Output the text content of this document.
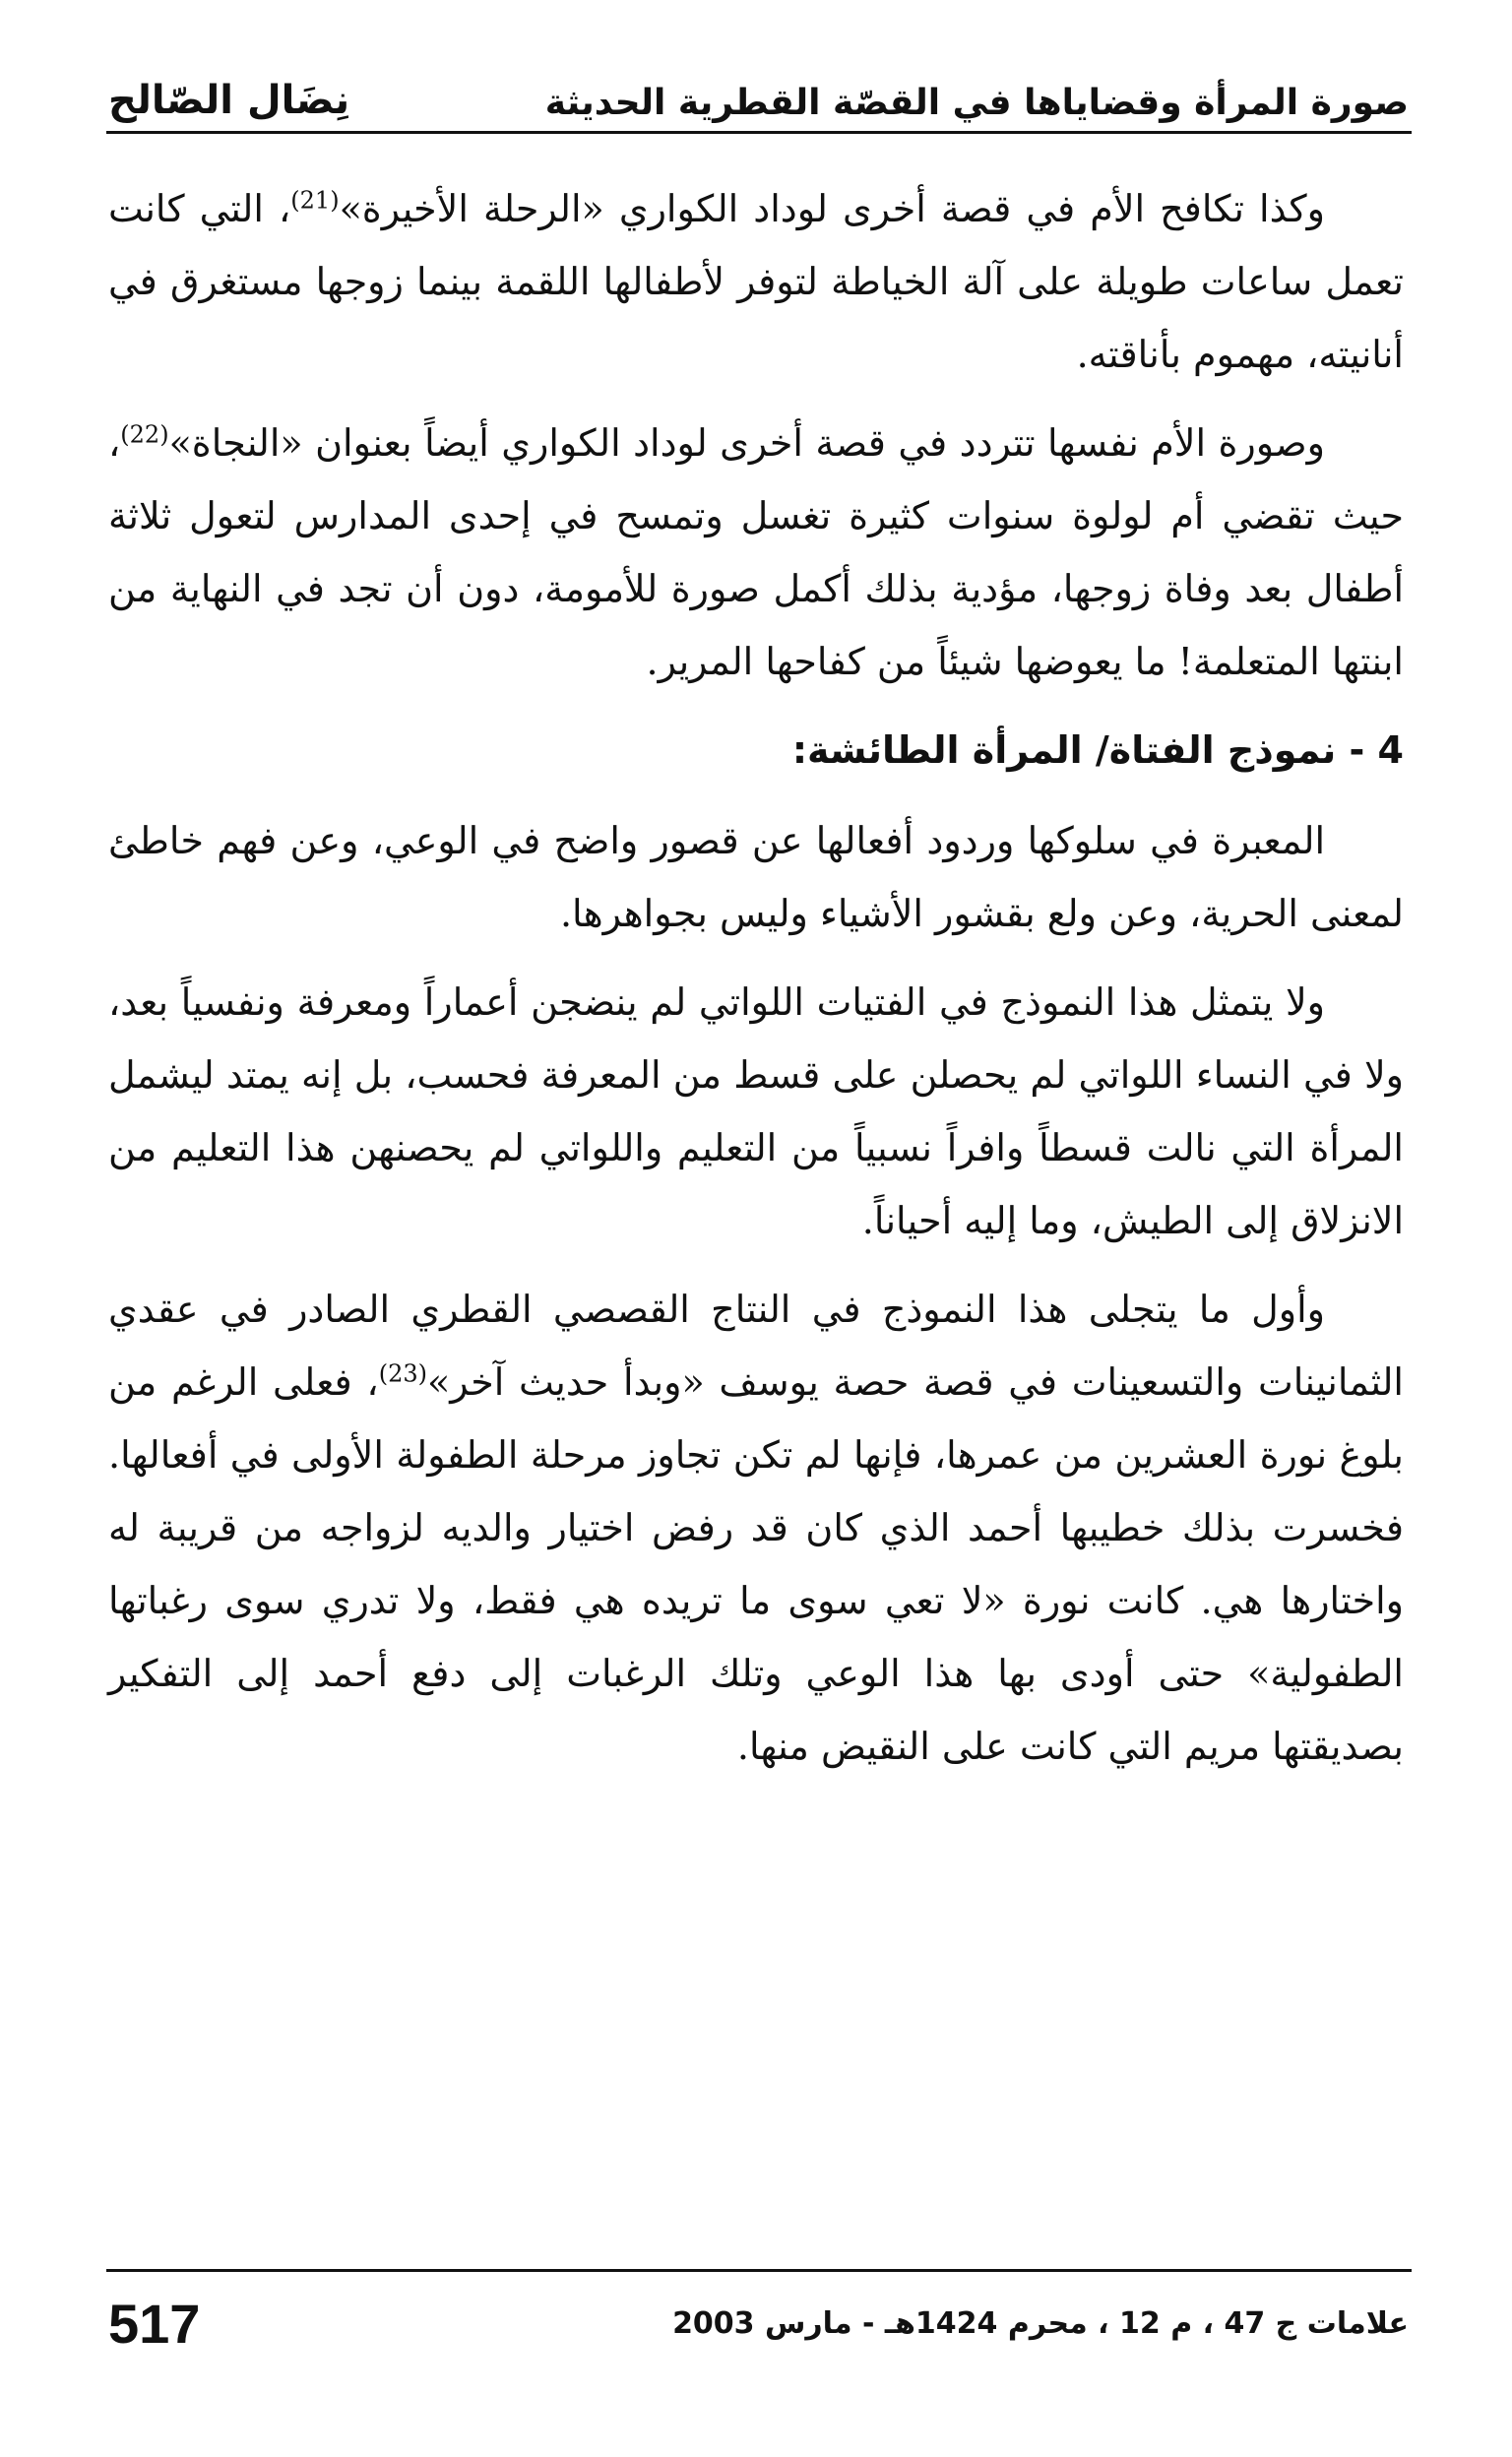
صورة المرأة وقضاياها في القصّة القطرية الحديثة
نِضَال الصّالح

وكذا تكافح الأم في قصة أخرى لوداد الكواري «الرحلة الأخيرة»$^{(21)}$، التي كانت تعمل ساعات طويلة على آلة الخياطة لتوفر لأطفالها اللقمة بينما زوجها مستغرق في أنانيته، مهموم بأناقته.

وصورة الأم نفسها تتردد في قصة أخرى لوداد الكواري أيضاً بعنوان «النجاة»$^{(22)}$، حيث تقضي أم لولوة سنوات كثيرة تغسل وتمسح في إحدى المدارس لتعول ثلاثة أطفال بعد وفاة زوجها، مؤدية بذلك أكمل صورة للأمومة، دون أن تجد في النهاية من ابنتها المتعلمة! ما يعوضها شيئاً من كفاحها المرير.

4 - نموذج الفتاة/ المرأة الطائشة:

المعبرة في سلوكها وردود أفعالها عن قصور واضح في الوعي، وعن فهم خاطئ لمعنى الحرية، وعن ولع بقشور الأشياء وليس بجواهرها.

ولا يتمثل هذا النموذج في الفتيات اللواتي لم ينضجن أعماراً ومعرفة ونفسياً بعد، ولا في النساء اللواتي لم يحصلن على قسط من المعرفة فحسب، بل إنه يمتد ليشمل المرأة التي نالت قسطاً وافراً نسبياً من التعليم واللواتي لم يحصنهن هذا التعليم من الانزلاق إلى الطيش، وما إليه أحياناً.

وأول ما يتجلى هذا النموذج في النتاج القصصي القطري الصادر في عقدي الثمانينات والتسعينات في قصة حصة يوسف «وبدأ حديث آخر»$^{(23)}$، فعلى الرغم من بلوغ نورة العشرين من عمرها، فإنها لم تكن تجاوز مرحلة الطفولة الأولى في أفعالها. فخسرت بذلك خطيبها أحمد الذي كان قد رفض اختيار والديه لزواجه من قريبة له واختارها هي. كانت نورة «لا تعي سوى ما تريده هي فقط، ولا تدري سوى رغباتها الطفولية» حتى أودى بها هذا الوعي وتلك الرغبات إلى دفع أحمد إلى التفكير بصديقتها مريم التي كانت على النقيض منها.

علامات ج 47 ، م 12 ، محرم 1424هـ - مارس 2003
517
